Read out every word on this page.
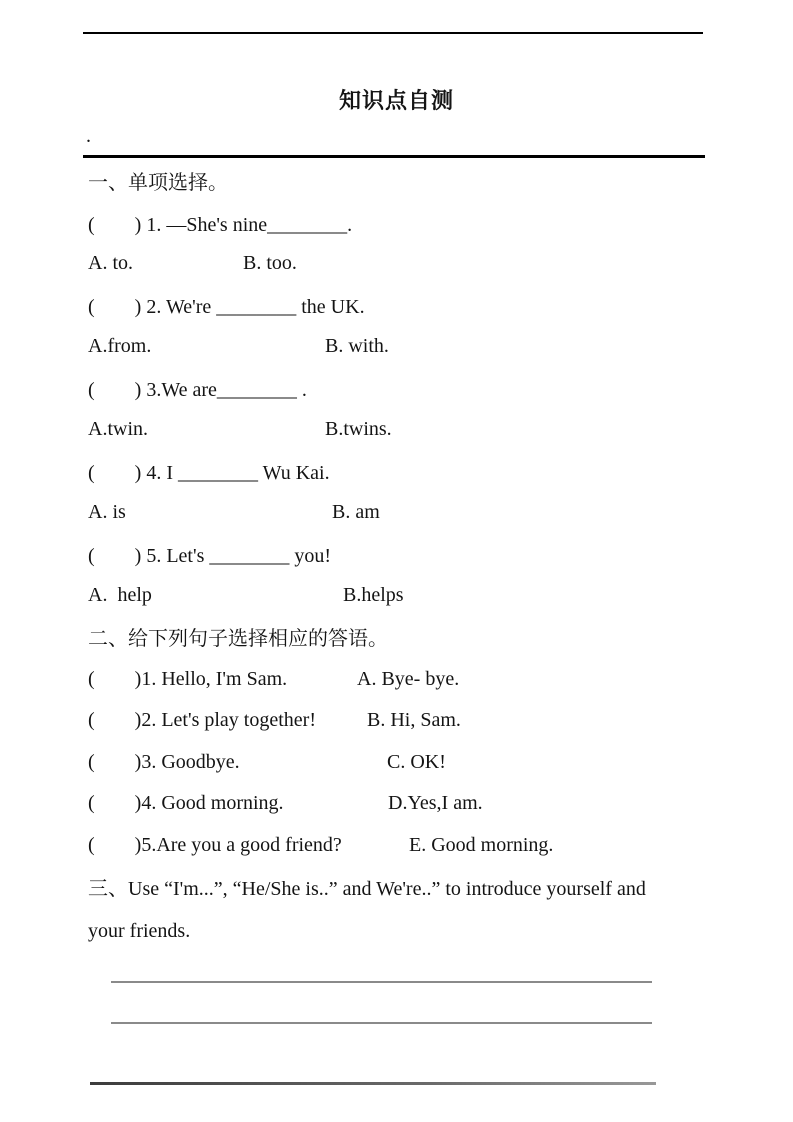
知识点自测
.
一、单项选择。
(        ) 1. —She's nine________.
A. to.	B. too.
(        ) 2. We're ________ the UK.
A.from.	B. with.
(        ) 3.We are________ .
A.twin.	B.twins.
(        ) 4. I ________ Wu Kai.
A. is	B. am
(        ) 5. Let's ________ you!
A.  help	B.helps
二、给下列句子选择相应的答语。
(        )1. Hello, I'm Sam.	A. Bye- bye.
(        )2. Let's play together!	B. Hi, Sam.
(        )3. Goodbye.	C. OK!
(        )4. Good morning.	D.Yes,I am.
(        )5.Are you a good friend?	E. Good morning.
三、Use “I'm...”, “He/She is..” and We're..” to introduce yourself and
your friends.
